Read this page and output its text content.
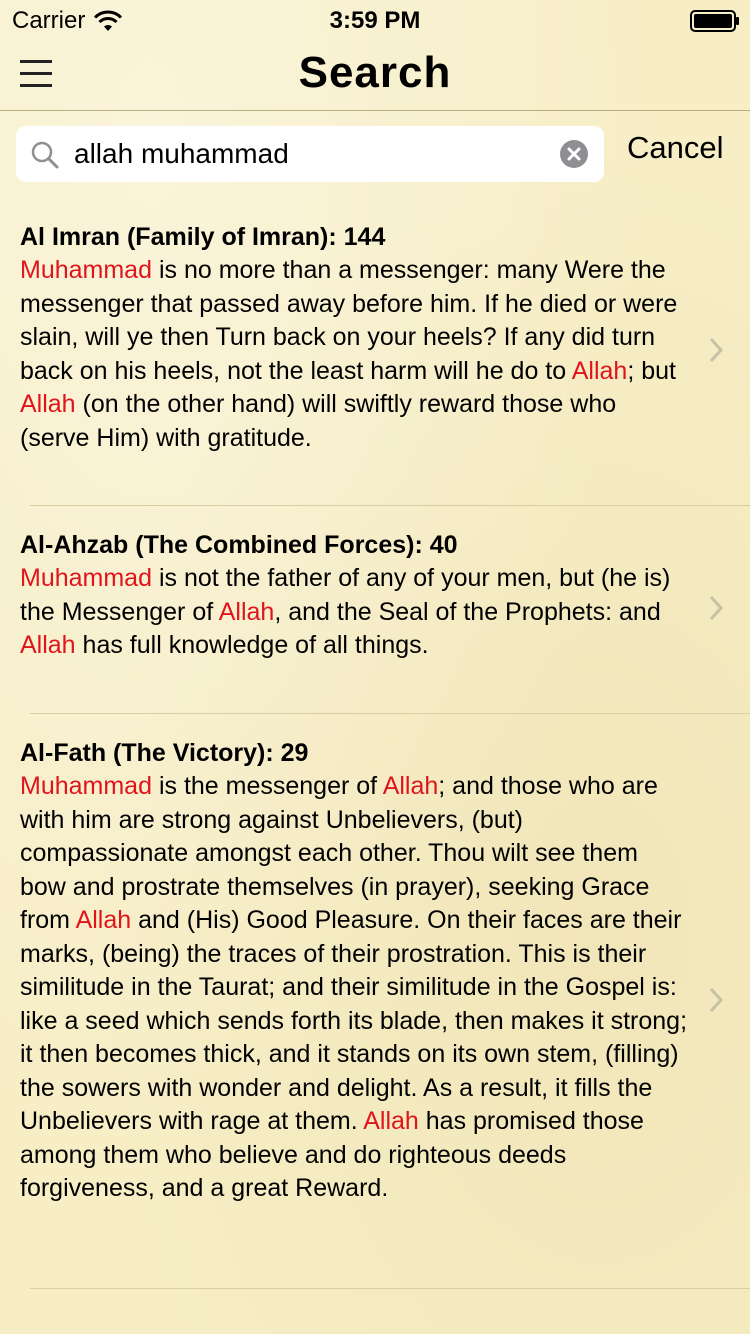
Carrier	3:59 PM
Search
allah muhammad
Cancel
Al Imran (Family of Imran): 144
Muhammad is no more than a messenger: many Were the messenger that passed away before him. If he died or were slain, will ye then Turn back on your heels? If any did turn back on his heels, not the least harm will he do to Allah; but Allah (on the other hand) will swiftly reward those who (serve Him) with gratitude.
Al-Ahzab (The Combined Forces): 40
Muhammad is not the father of any of your men, but (he is) the Messenger of Allah, and the Seal of the Prophets: and Allah has full knowledge of all things.
Al-Fath (The Victory): 29
Muhammad is the messenger of Allah; and those who are with him are strong against Unbelievers, (but) compassionate amongst each other. Thou wilt see them bow and prostrate themselves (in prayer), seeking Grace from Allah and (His) Good Pleasure. On their faces are their marks, (being) the traces of their prostration. This is their similitude in the Taurat; and their similitude in the Gospel is: like a seed which sends forth its blade, then makes it strong; it then becomes thick, and it stands on its own stem, (filling) the sowers with wonder and delight. As a result, it fills the Unbelievers with rage at them. Allah has promised those among them who believe and do righteous deeds forgiveness, and a great Reward.
